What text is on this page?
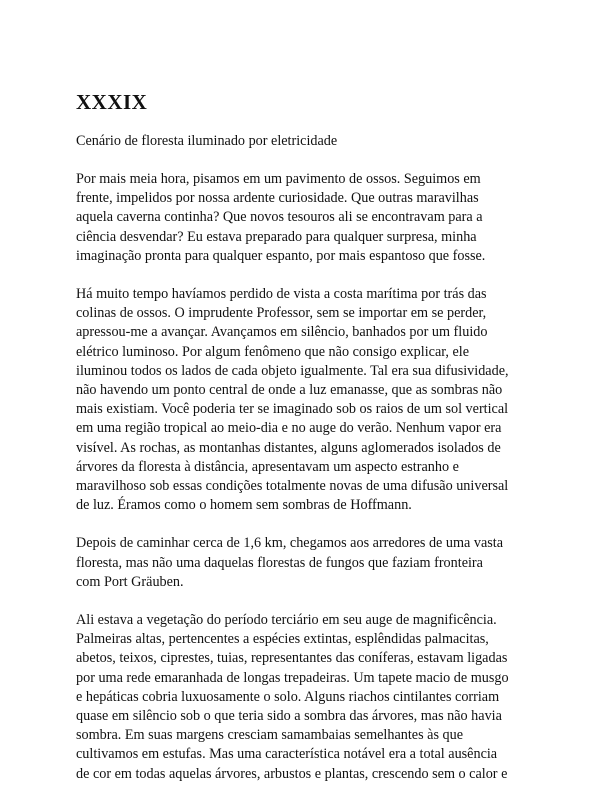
XXXIX

Cenário de floresta iluminado por eletricidade

Por mais meia hora, pisamos em um pavimento de ossos. Seguimos em
frente, impelidos por nossa ardente curiosidade. Que outras maravilhas
aquela caverna continha? Que novos tesouros ali se encontravam para a
ciência desvendar? Eu estava preparado para qualquer surpresa, minha
imaginação pronta para qualquer espanto, por mais espantoso que fosse.

Há muito tempo havíamos perdido de vista a costa marítima por trás das
colinas de ossos. O imprudente Professor, sem se importar em se perder,
apressou-me a avançar. Avançamos em silêncio, banhados por um fluido
elétrico luminoso. Por algum fenômeno que não consigo explicar, ele
iluminou todos os lados de cada objeto igualmente. Tal era sua difusividade,
não havendo um ponto central de onde a luz emanasse, que as sombras não
mais existiam. Você poderia ter se imaginado sob os raios de um sol vertical
em uma região tropical ao meio-dia e no auge do verão. Nenhum vapor era
visível. As rochas, as montanhas distantes, alguns aglomerados isolados de
árvores da floresta à distância, apresentavam um aspecto estranho e
maravilhoso sob essas condições totalmente novas de uma difusão universal
de luz. Éramos como o homem sem sombras de Hoffmann.

Depois de caminhar cerca de 1,6 km, chegamos aos arredores de uma vasta
floresta, mas não uma daquelas florestas de fungos que faziam fronteira
com Port Gräuben.

Ali estava a vegetação do período terciário em seu auge de magnificência.
Palmeiras altas, pertencentes a espécies extintas, esplêndidas palmacitas,
abetos, teixos, ciprestes, tuias, representantes das coníferas, estavam ligadas
por uma rede emaranhada de longas trepadeiras. Um tapete macio de musgo
e hepáticas cobria luxuosamente o solo. Alguns riachos cintilantes corriam
quase em silêncio sob o que teria sido a sombra das árvores, mas não havia
sombra. Em suas margens cresciam samambaias semelhantes às que
cultivamos em estufas. Mas uma característica notável era a total ausência
de cor em todas aquelas árvores, arbustos e plantas, crescendo sem o calor e
